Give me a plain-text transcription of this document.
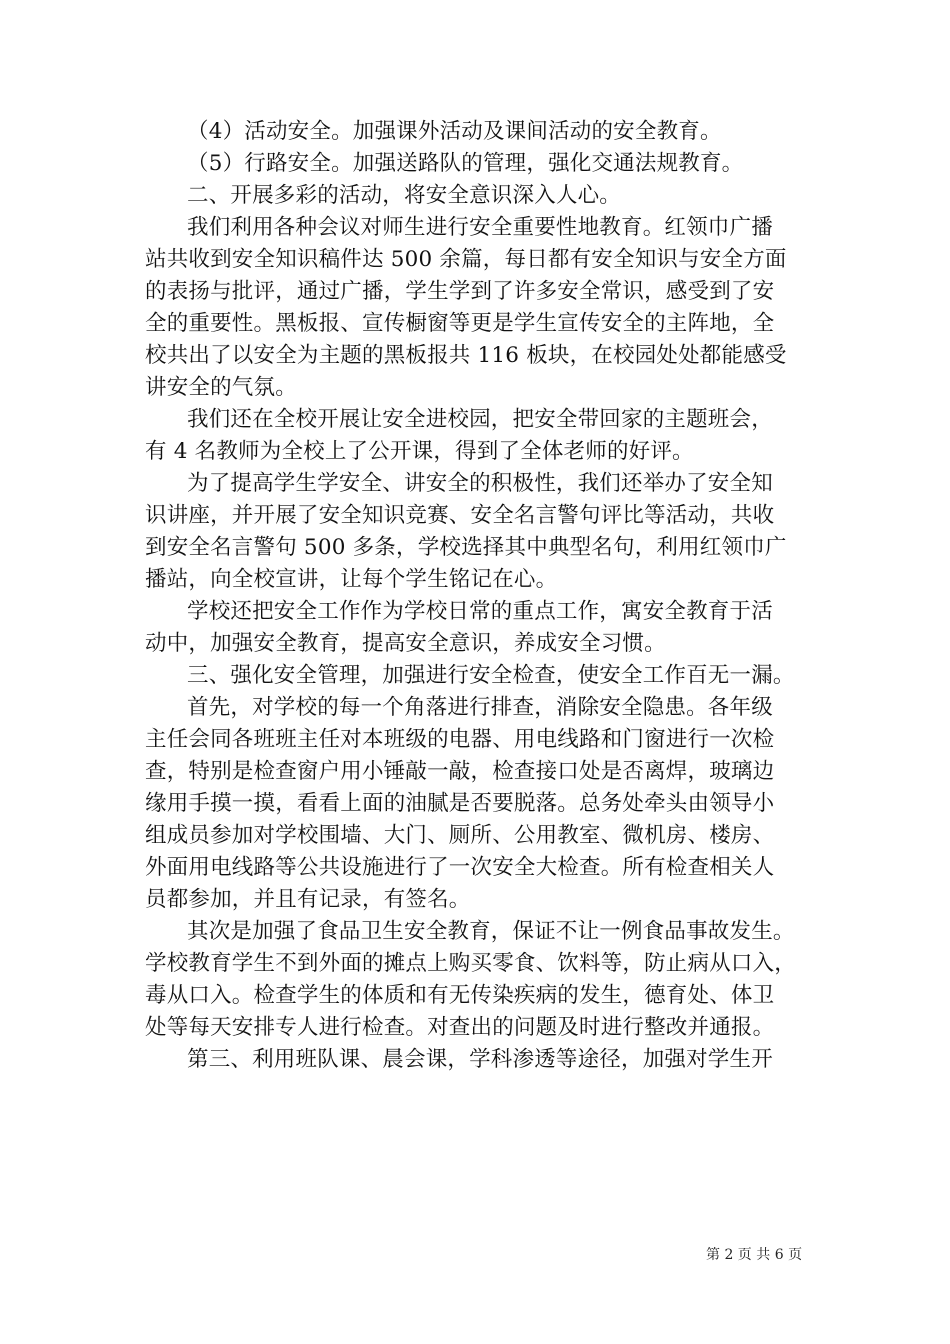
（4）活动安全。加强课外活动及课间活动的安全教育。

（5）行路安全。加强送路队的管理，强化交通法规教育。

二、开展多彩的活动，将安全意识深入人心。

我们利用各种会议对师生进行安全重要性地教育。红领巾广播
站共收到安全知识稿件达 500 余篇，每日都有安全知识与安全方面
的表扬与批评，通过广播，学生学到了许多安全常识，感受到了安
全的重要性。黑板报、宣传橱窗等更是学生宣传安全的主阵地，全
校共出了以安全为主题的黑板报共 116 板块，在校园处处都能感受
讲安全的气氛。

我们还在全校开展让安全进校园，把安全带回家的主题班会，
有 4 名教师为全校上了公开课，得到了全体老师的好评。

为了提高学生学安全、讲安全的积极性，我们还举办了安全知
识讲座，并开展了安全知识竞赛、安全名言警句评比等活动，共收
到安全名言警句 500 多条，学校选择其中典型名句，利用红领巾广
播站，向全校宣讲，让每个学生铭记在心。

学校还把安全工作作为学校日常的重点工作，寓安全教育于活
动中，加强安全教育，提高安全意识，养成安全习惯。

三、强化安全管理，加强进行安全检查，使安全工作百无一漏。

首先，对学校的每一个角落进行排查，消除安全隐患。各年级
主任会同各班班主任对本班级的电器、用电线路和门窗进行一次检
查，特别是检查窗户用小锤敲一敲，检查接口处是否离焊，玻璃边
缘用手摸一摸，看看上面的油腻是否要脱落。总务处牵头由领导小
组成员参加对学校围墙、大门、厕所、公用教室、微机房、楼房、
外面用电线路等公共设施进行了一次安全大检查。所有检查相关人
员都参加，并且有记录，有签名。

其次是加强了食品卫生安全教育，保证不让一例食品事故发生。
学校教育学生不到外面的摊点上购买零食、饮料等，防止病从口入，
毒从口入。检查学生的体质和有无传染疾病的发生，德育处、体卫
处等每天安排专人进行检查。对查出的问题及时进行整改并通报。

第三、利用班队课、晨会课，学科渗透等途径，加强对学生开

第 2 页 共 6 页
